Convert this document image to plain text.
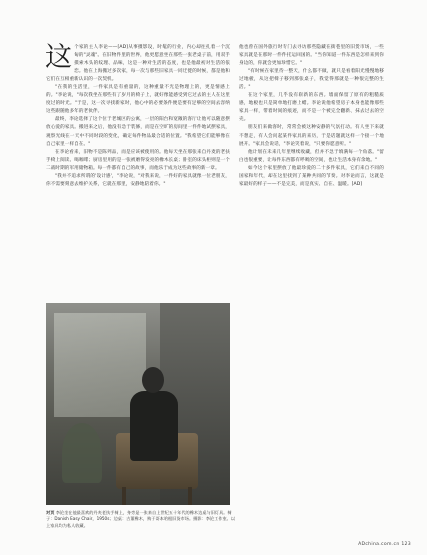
这 个家的主人李论——[AD]从事摄影设，时髦的行业，内心却往扎着一个沉甸的"灵魂"。在旧物件里的世界，他更愿意坐在那些一张老桌子前，用双手摸索木头的纹理、品味，这是一种对生活的态度，也是他最初对生活的依恋。他在上海搬过多次家，每一次与那些旧家具一同迁徙的时候，都是他和它们在互相重新认识的一次契机。

"在我的生活里，一件家具是有重量的，这种重量不光是物理上的，更是情感上的。"李论说，"每次我坐在那些有了岁月的椅子上，就好像能感受到它过去的主人在这里度过的时光。"于是，这一次寻找新家时，他心中的必要条件便是要有足够的空间去容纳这些跟随他多年的老伙伴。

最终，李论选择了这个位于老城区的公寓，一层的阳台和宽敞的客厅让他可以随意摆放心爱的家具。搬进来之后，他没有急于装修，而是在空旷的房间里一件件地试摆家具，观察光线在一天中不同时段的变化，确定每件物品最合适的位置。"我希望它们能够像在自己家里一样自在。"

在李论看来，旧物不是陈列品，而是应该被使用的。他每天坐在那张来自丹麦的老扶手椅上阅读、喝咖啡；厨房里用的是一张被磨得发亮的橡木长桌；卧室的床头柜则是一个二战时期的军用储物箱。每一件都有自己的故事，而他乐于成为这些故事的新一章。

"我并不追求所谓的'设计感'，"李论说，"对我来说，一件好的家具就像一位老朋友，你不需要刻意去维护关系，它就在那里，安静地陪着你。"

对页 李论坐在他最喜欢的丹麦老扶手椅上，身旁是一张来自上世纪五十年代的橡木边桌与旧灯具。椅子：Danish Easy Chair，1950s；边桌：古董橡木，购于哥本哈根旧货市场。摄影：李论工作室。以上家具均为私人收藏。

他也曾在国外旅行时专门去寻访那些隐藏在街巷里的旧货市场，一些家具就是在那时一件件托运回国的。"当你知道一件东西是怎样来到你身边的，你就会更加珍惜它。"

"有时候在家里待一整天，什么都不做，就只是看着阳光慢慢地移过地板，从这把椅子移到那张桌子，我觉得那就是一种很完整的生活。"

在这个家里，几乎没有崭新的东西。墙面保留了原有的粗糙质感，地板也只是简单地打磨上蜡。李论说他希望房子本身也能像那些家具一样，带着时间的痕迹，而不是一个被完全翻新、抹去过去的空壳。

朋友们来做客时，常常会被这种安静的气氛打动。有人坐下来就不想走，有人会问起某件家具的来历，于是话题就这样一个接一个地展开。"家具会说话，"李论笑着说，"只要你愿意听。"

他计划在未来几年里继续收藏，但并不急于填满每一个角落。"留白也很重要，让每件东西都有呼吸的空间，也让生活本身有余地。"

如今这个家里摆放了他最珍爱的二十多件家具，它们来自不同的国家和年代，却在这里找到了某种共同的节奏。对李论而言，这就是家最好的样子——不是完美，而是真实、自在、温暖。[AD]

ADchina.com.cn 123
